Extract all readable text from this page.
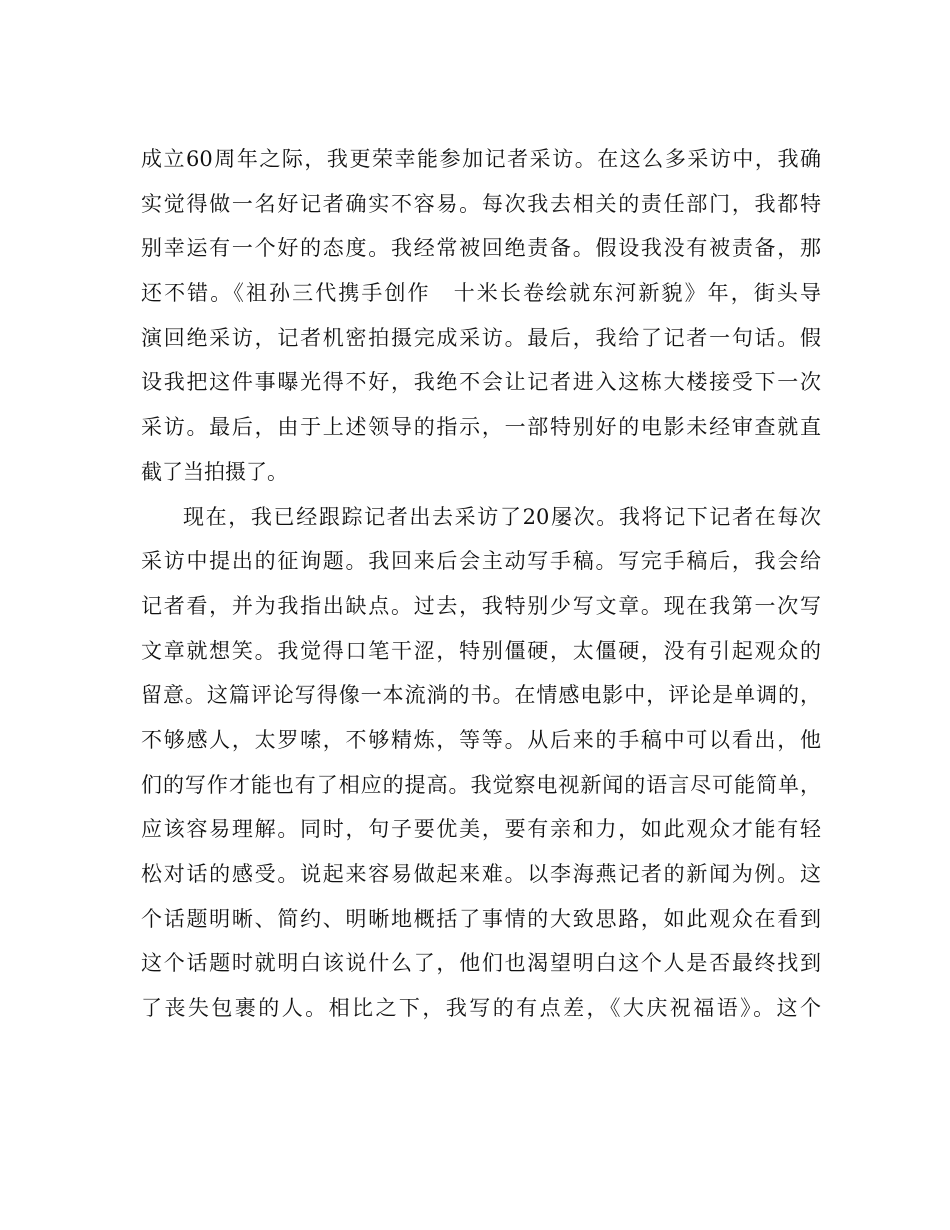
成立60周年之际，我更荣幸能参加记者采访。在这么多采访中，我确
实觉得做一名好记者确实不容易。每次我去相关的责任部门，我都特
别幸运有一个好的态度。我经常被回绝责备。假设我没有被责备，那
还不错。《祖孙三代携手创作　十米长卷绘就东河新貌》年，街头导
演回绝采访，记者机密拍摄完成采访。最后，我给了记者一句话。假
设我把这件事曝光得不好，我绝不会让记者进入这栋大楼接受下一次
采访。最后，由于上述领导的指示，一部特别好的电影未经审查就直
截了当拍摄了。
现在，我已经跟踪记者出去采访了20屡次。我将记下记者在每次
采访中提出的征询题。我回来后会主动写手稿。写完手稿后，我会给
记者看，并为我指出缺点。过去，我特别少写文章。现在我第一次写
文章就想笑。我觉得口笔干涩，特别僵硬，太僵硬，没有引起观众的
留意。这篇评论写得像一本流淌的书。在情感电影中，评论是单调的，
不够感人，太罗嗦，不够精炼，等等。从后来的手稿中可以看出，他
们的写作才能也有了相应的提高。我觉察电视新闻的语言尽可能简单，
应该容易理解。同时，句子要优美，要有亲和力，如此观众才能有轻
松对话的感受。说起来容易做起来难。以李海燕记者的新闻为例。这
个话题明晰、简约、明晰地概括了事情的大致思路，如此观众在看到
这个话题时就明白该说什么了，他们也渴望明白这个人是否最终找到
了丧失包裹的人。相比之下，我写的有点差，《大庆祝福语》。这个
